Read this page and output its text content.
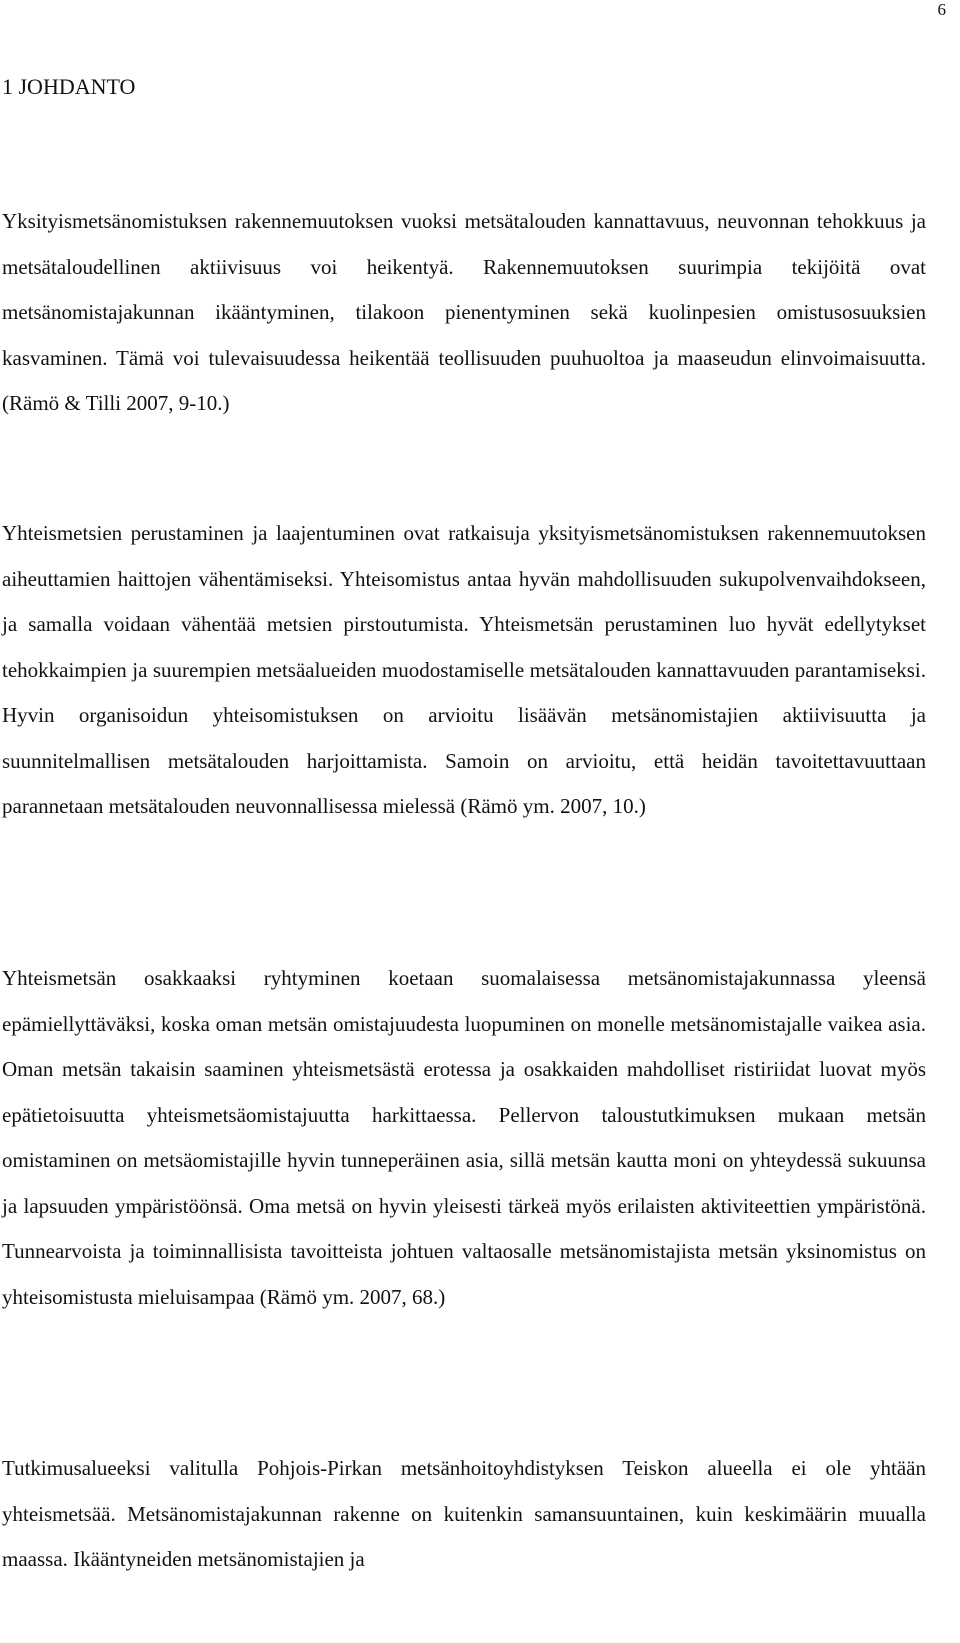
6
1 JOHDANTO

Yksityismetsänomistuksen rakennemuutoksen vuoksi metsätalouden kannattavuus, neuvonnan tehokkuus ja metsätaloudellinen aktiivisuus voi heikentyä. Rakennemuutoksen suurimpia tekijöitä ovat metsänomistajakunnan ikääntyminen, tilakoon pienentyminen sekä kuolinpesien omistusosuuksien kasvaminen. Tämä voi tulevaisuudessa heikentää teollisuuden puuhuoltoa ja maaseudun elinvoimaisuutta. (Rämö & Tilli 2007, 9-10.)

Yhteismetsien perustaminen ja laajentuminen ovat ratkaisuja yksityismetsänomistuksen rakennemuutoksen aiheuttamien haittojen vähentämiseksi. Yhteisomistus antaa hyvän mahdollisuuden sukupolvenvaihdokseen, ja samalla voidaan vähentää metsien pirstoutumista. Yhteismetsän perustaminen luo hyvät edellytykset tehokkaimpien ja suurempien metsäalueiden muodostamiselle metsätalouden kannattavuuden parantamiseksi. Hyvin organisoidun yhteisomistuksen on arvioitu lisäävän metsänomistajien aktiivisuutta ja suunnitelmallisen metsätalouden harjoittamista. Samoin on arvioitu, että heidän tavoitettavuuttaan parannetaan metsätalouden neuvonnallisessa mielessä (Rämö ym. 2007, 10.)

Yhteismetsän osakkaaksi ryhtyminen koetaan suomalaisessa metsänomistajakunnassa yleensä epämiellyttäväksi, koska oman metsän omistajuudesta luopuminen on monelle metsänomistajalle vaikea asia. Oman metsän takaisin saaminen yhteismetsästä erotessa ja osakkaiden mahdolliset ristiriidat luovat myös epätietoisuutta yhteismetsäomistajuutta harkittaessa. Pellervon taloustutkimuksen mukaan metsän omistaminen on metsäomistajille hyvin tunneperäinen asia, sillä metsän kautta moni on yhteydessä sukuunsa ja lapsuuden ympäristöönsä. Oma metsä on hyvin yleisesti tärkeä myös erilaisten aktiviteettien ympäristönä. Tunnearvoista ja toiminnallisista tavoitteista johtuen valtaosalle metsänomistajista metsän yksinomistus on yhteisomistusta mieluisampaa (Rämö ym. 2007, 68.)

Tutkimusalueeksi valitulla Pohjois-Pirkan metsänhoitoyhdistyksen Teiskon alueella ei ole yhtään yhteismetsää. Metsänomistajakunnan rakenne on kuitenkin samansuuntainen, kuin keskimäärin muualla maassa. Ikääntyneiden metsänomistajien ja
